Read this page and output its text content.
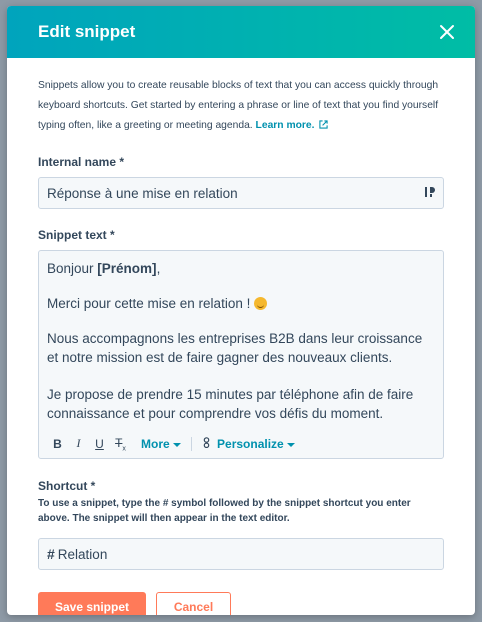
Edit snippet
Snippets allow you to create reusable blocks of text that you can access quickly through keyboard shortcuts. Get started by entering a phrase or line of text that you find yourself typing often, like a greeting or meeting agenda. Learn more.
Internal name *
Réponse à une mise en relation
Snippet text *

Bonjour [Prénom],

Merci pour cette mise en relation !

Nous accompagnons les entreprises B2B dans leur croissance et notre mission est de faire gagner des nouveaux clients.

Je propose de prendre 15 minutes par téléphone afin de faire connaissance et pour comprendre vos défis du moment.

B	I	U $T_x$	More	Personalize
Shortcut *
To use a snippet, type the # symbol followed by the snippet shortcut you enter above. The snippet will then appear in the text editor.
# Relation
Save snippet	Cancel
